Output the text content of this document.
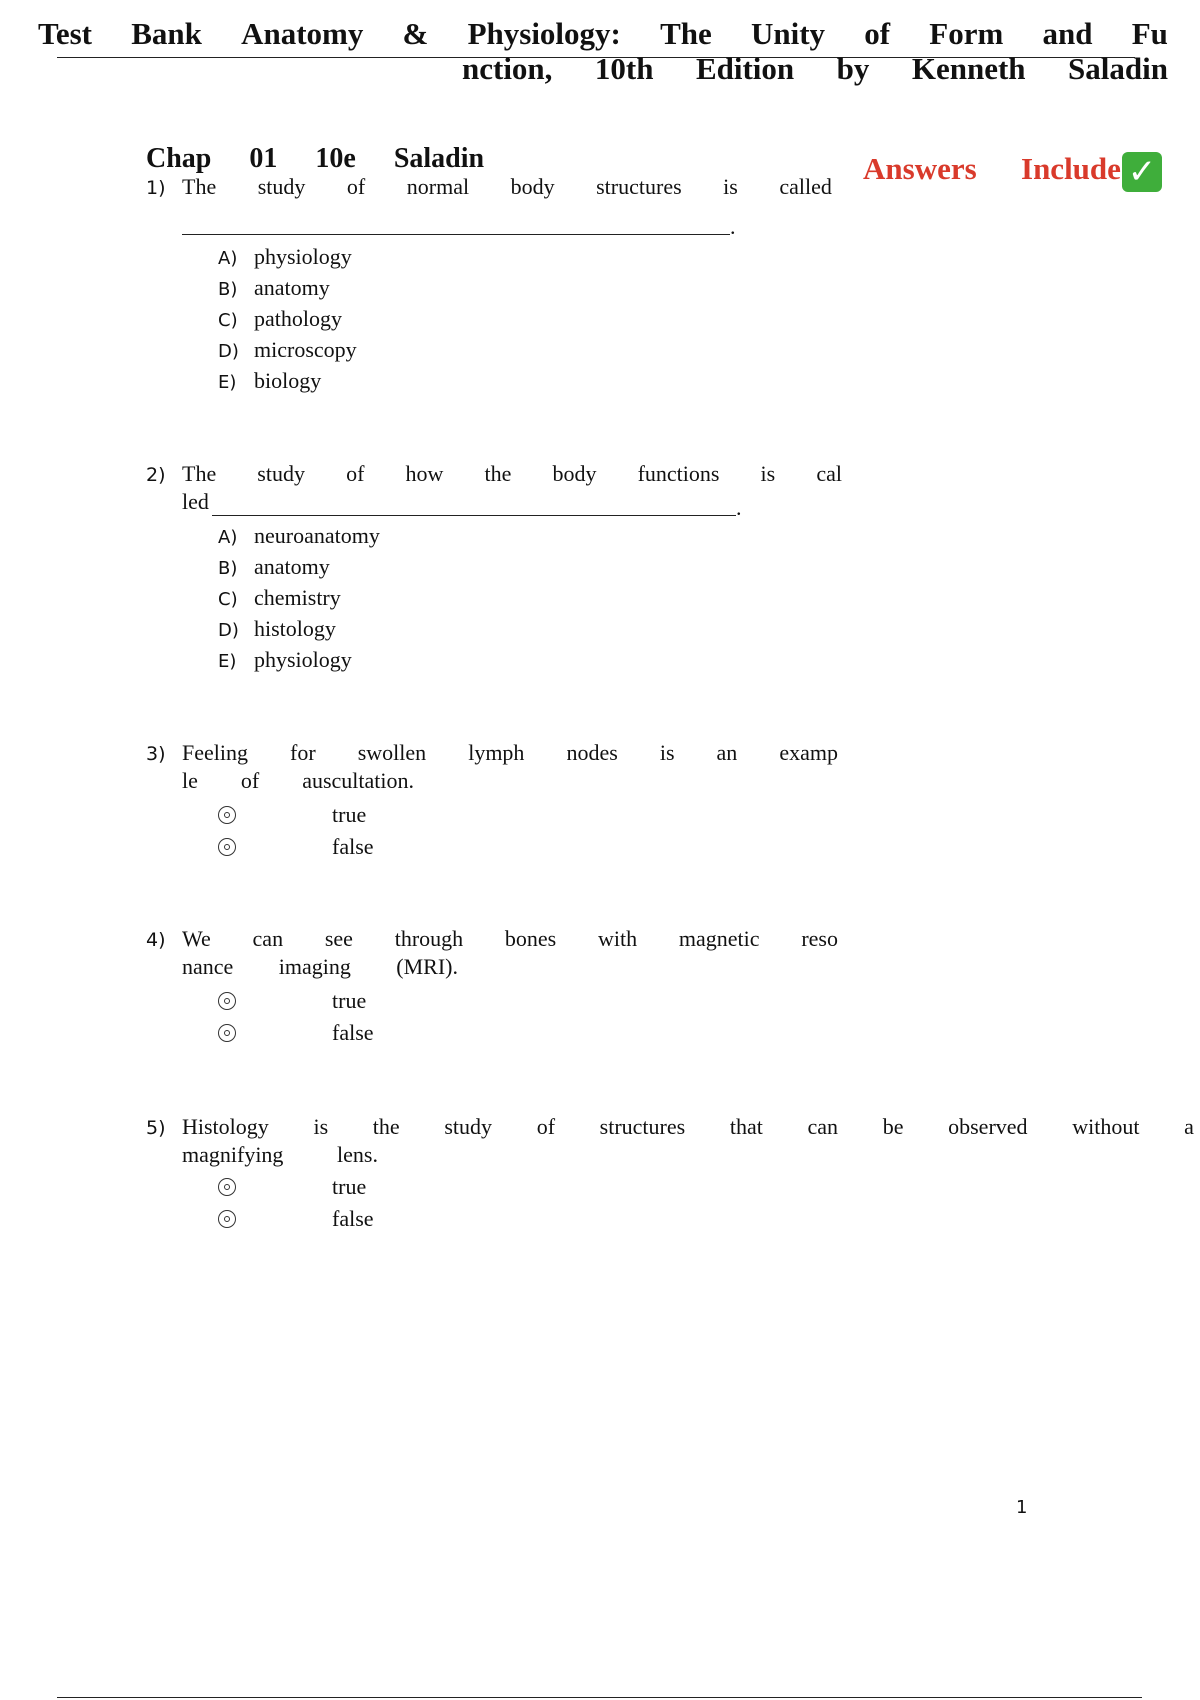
Test Bank Anatomy & Physiology: The Unity of Form and Fu
nction, 10th Edition by Kenneth Saladin
Chap 01 10e Saladin	Answers Include ✓
1) The study of normal body structures is called
.
A) physiology
B) anatomy
C) pathology
D) microscopy
E) biology
2) The study of how the body functions is cal
led	.
A) neuroanatomy
B) anatomy
C) chemistry
D) histology
E) physiology
3) Feeling for swollen lymph nodes is an examp
le of auscultation.
true
false
4) We can see through bones with magnetic reso
nance imaging (MRI).
true
false
5) Histology is the study of structures that can be observed without a
magnifying lens.
true
false
1
